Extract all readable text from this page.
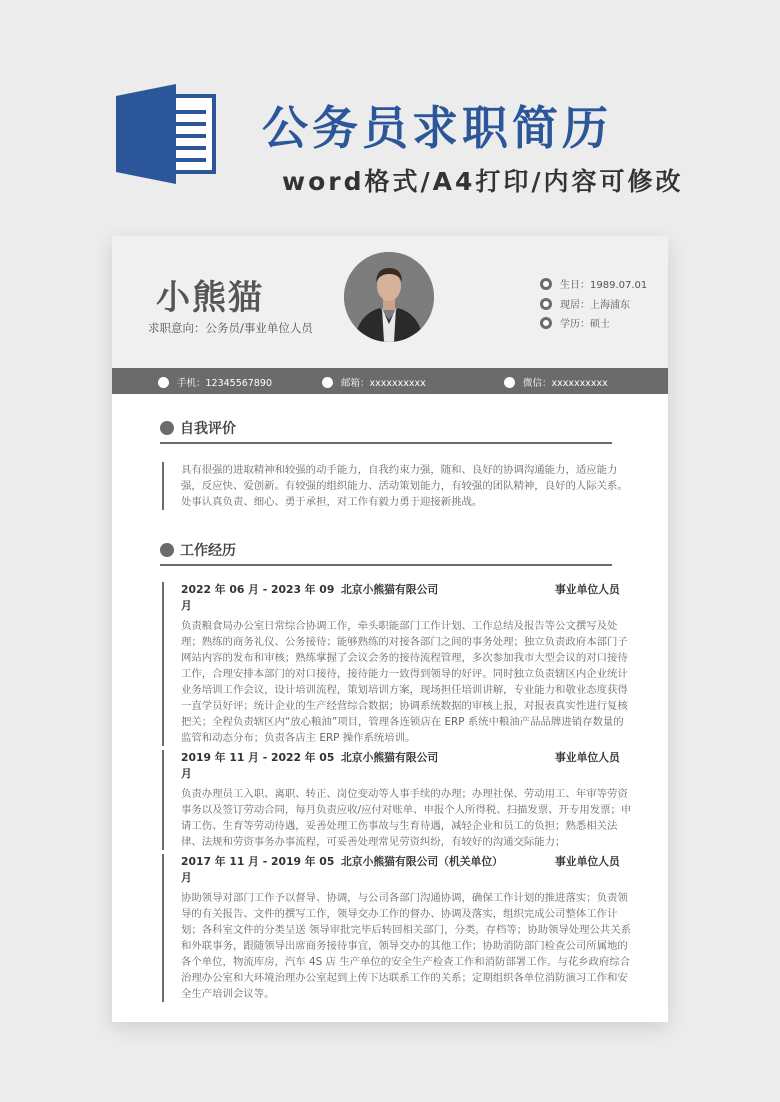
公务员求职简历
word格式/A4打印/内容可修改
小熊猫
求职意向：公务员/事业单位人员
生日：1989.07.01
现居：上海浦东
学历：硕士
手机：12345567890	邮箱：xxxxxxxxxx	微信：xxxxxxxxxx
自我评价
具有很强的进取精神和较强的动手能力，自我约束力强，随和、良好的协调沟通能力，适应能力强，反应快、爱创新。有较强的组织能力、活动策划能力，有较强的团队精神，良好的人际关系。处事认真负责、细心、勇于承担，对工作有毅力勇于迎接新挑战。
工作经历
2022 年 06 月 - 2023 年 09 月
北京小熊猫有限公司	事业单位人员
负责粮食局办公室日常综合协调工作，牵头职能部门工作计划、工作总结及报告等公文撰写及处理；熟练的商务礼仪、公务接待；能够熟练的对接各部门之间的事务处理；独立负责政府本部门子网站内容的发布和审核；熟练掌握了会议会务的接待流程管理，多次参加我市大型会议的对口接待工作，合理安排本部门的对口接待，接待能力一致得到领导的好评。同时独立负责辖区内企业统计业务培训工作会议，设计培训流程，策划培训方案，现场担任培训讲解，专业能力和敬业态度获得一直学员好评；统计企业的生产经营综合数据；协调系统数据的审核上报，对报表真实性进行复核把关；全程负责辖区内“放心粮油”项目，管理各连锁店在 ERP 系统中粮油产品品牌进销存数量的监管和动态分布；负责各店主 ERP 操作系统培训。
2019 年 11 月 - 2022 年 05 月
北京小熊猫有限公司	事业单位人员
负责办理员工入职、离职、转正、岗位变动等人事手续的办理；办理社保、劳动用工、年审等劳资事务以及签订劳动合同，每月负责应收/应付对账单、申报个人所得税、扫描发票、开专用发票；申请工伤、生育等劳动待遇，妥善处理工伤事故与生育待遇，减轻企业和员工的负担；熟悉相关法律、法规和劳资事务办事流程，可妥善处理常见劳资纠纷，有较好的沟通交际能力；
2017 年 11 月 - 2019 年 05 月
北京小熊猫有限公司（机关单位）	事业单位人员
协助领导对部门工作予以督导、协调，与公司各部门沟通协调，确保工作计划的推进落实；负责领导的有关报告、文件的撰写工作，领导交办工作的督办、协调及落实，组织完成公司整体工作计划；各科室文件的分类呈送 领导审批完毕后转回相关部门，分类，存档等；协助领导处理公共关系和外联事务，跟随领导出席商务接待事宜，领导交办的其他工作；协助消防部门检查公司所属地的各个单位，物流库房，汽车 4S 店 生产单位的安全生产检查工作和消防部署工作。与花乡政府综合治理办公室和大环境治理办公室起到上传下达联系工作的关系；定期组织各单位消防演习工作和安全生产培训会议等。
